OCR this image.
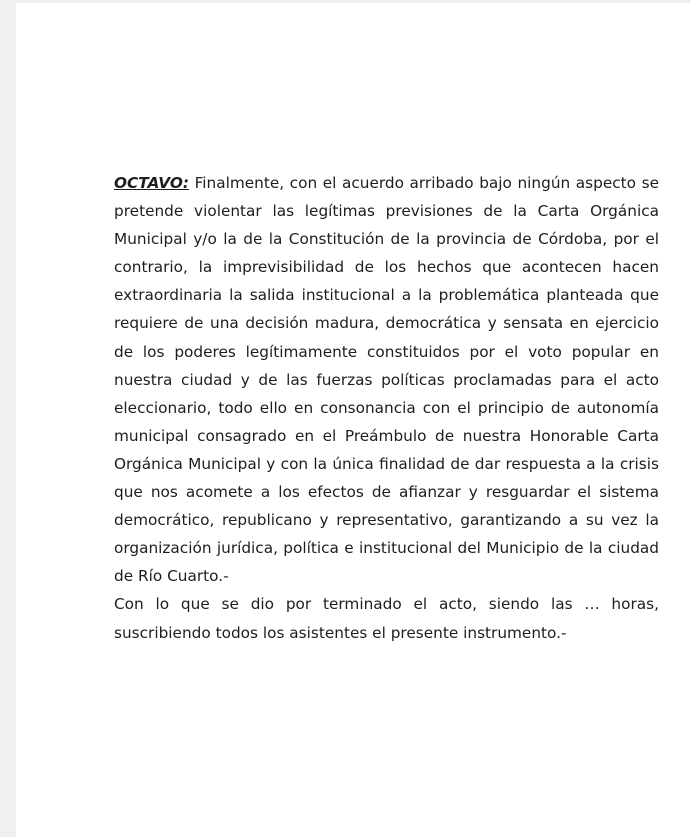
OCTAVO: Finalmente, con el acuerdo arribado bajo ningún aspecto se pretende violentar las legítimas previsiones de la Carta Orgánica Municipal y/o la de la Constitución de la provincia de Córdoba, por el contrario, la imprevisibilidad de los hechos que acontecen hacen extraordinaria la salida institucional a la problemática planteada que requiere de una decisión madura, democrática y sensata en ejercicio de los poderes legítimamente constituidos por el voto popular en nuestra ciudad y de las fuerzas políticas proclamadas para el acto eleccionario, todo ello en consonancia con el principio de autonomía municipal consagrado en el Preámbulo de nuestra Honorable Carta Orgánica Municipal y con la única finalidad de dar respuesta a la crisis que nos acomete a los efectos de afianzar y resguardar el sistema democrático, republicano y representativo, garantizando a su vez la organización jurídica, política e institucional del Municipio de la ciudad de Río Cuarto.-

Con lo que se dio por terminado el acto, siendo las … horas, suscribiendo todos los asistentes el presente instrumento.-
